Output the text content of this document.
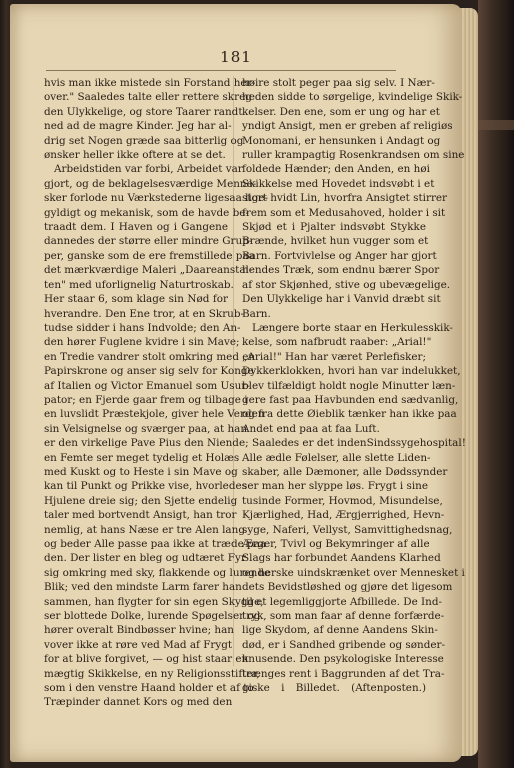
181
hvis man ikke mistede sin Forstand her-
over." Saaledes talte eller rettere skreg
den Ulykkelige, og store Taarer randt
ned ad de magre Kinder. Jeg har al-
drig set Nogen græde saa bitterlig og
ønsker heller ikke oftere at se det.
Arbeidstiden var forbi, Arbeidet var
gjort, og de beklagelsesværdige Menne-
sker forlode nu Værkstederne ligesaa lige-
gyldigt og mekanisk, som de havde be-
traadt dem. I Haven og i Gangene
dannedes der større eller mindre Grup-
per, ganske som de ere fremstillede paa
det mærkværdige Maleri „Daareanstal-
ten" med uforlignelig Naturtroskab.
Her staar 6, som klage sin Nød for
hverandre. Den Ene tror, at en Skrub-
tudse sidder i hans Indvolde; den An-
den hører Fuglene kvidre i sin Mave;
en Tredie vandrer stolt omkring med en
Papirskrone og anser sig selv for Konge
af Italien og Victor Emanuel som Usur-
pator; en Fjerde gaar frem og tilbage i
en luvslidt Præstekjole, giver hele Verden
sin Velsignelse og sværger paa, at han
er den virkelige Pave Pius den Niende;
en Femte ser meget tydelig et Holæs
med Kuskt og to Heste i sin Mave og
kan til Punkt og Prikke vise, hvorledes
Hjulene dreie sig; den Sjette endelig
taler med bortvendt Ansigt, han tror
nemlig, at hans Næse er tre Alen lang
og beder Alle passe paa ikke at træde paa
den. Der lister en bleg og udtæret Fyr
sig omkring med sky, flakkende og lurende
Blik; ved den mindste Larm farer han
sammen, han flygter for sin egen Skygge,
ser blottede Dolke, lurende Spøgelser og
hører overalt Bindbøsser hvine; han
vover ikke at røre ved Mad af Frygt
for at blive forgivet, — og hist staar en
mægtig Skikkelse, en ny Religionsstifter,
som i den venstre Haand holder et af to
Træpinder dannet Kors og med den
høire stolt peger paa sig selv. I Nær-
heden sidde to sørgelige, kvindelige Skik-
kelser. Den ene, som er ung og har et
yndigt Ansigt, men er greben af religiøs
Monomani, er hensunken i Andagt og
ruller krampagtig Rosenkrandsen om sine
foldede Hænder; den Anden, en høi
Skikkelse med Hovedet indsvøbt i et
stort hvidt Lin, hvorfra Ansigtet stirrer
frem som et Medusahoved, holder i sit
Skjød et i Pjalter indsvøbt Stykke
Brænde, hvilket hun vugger som et
Barn. Fortvivlelse og Anger har gjort
hendes Træk, som endnu bærer Spor
af stor Skjønhed, stive og ubevægelige.
Den Ulykkelige har i Vanvid dræbt sit
Barn.
Længere borte staar en Herkulesskik-
kelse, som nafbrudt raaber: „Arial!"
„Arial!" Han har været Perlefisker;
Dykkerklokken, hvori han var indelukket,
blev tilfældigt holdt nogle Minutter læn-
gere fast paa Havbunden end sædvanlig,
og fra dette Øieblik tænker han ikke paa
Andet end paa at faa Luft.
Saaledes er det indenSindssygehospital!
Alle ædle Følelser, alle slette Liden-
skaber, alle Dæmoner, alle Dødssynder
ser man her slyppe løs. Frygt i sine
tusinde Former, Hovmod, Misundelse,
Kjærlighed, Had, Ærgjerrighed, Hevn-
syge, Naferi, Vellyst, Samvittighedsnag,
Ærger, Tvivl og Bekymringer af alle
Slags har forbundet Aandens Klarhed
og herske uindskrænket over Mennesket i
dets Bevidstløshed og gjøre det ligesom
til et legemliggjorte Afbillede. De Ind-
tryk, som man faar af denne forfærde-
lige Skydom, af denne Aandens Skin-
død, er i Sandhed gribende og sønder-
knusende. Den psykologiske Interesse
trænges rent i Baggrunden af det Tra-
giske i Billedet. (Aftenposten.)
